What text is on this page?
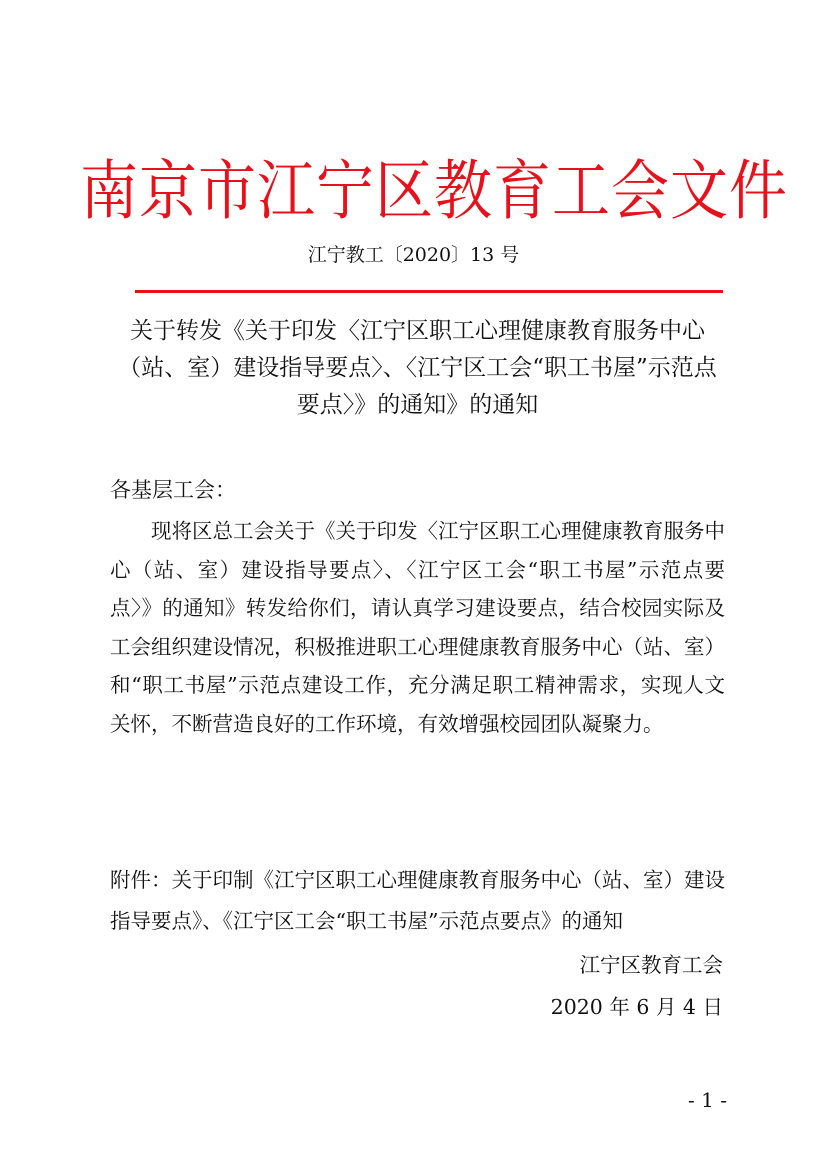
南京市江宁区教育工会文件
江宁教工〔2020〕13 号
关于转发《关于印发〈江宁区职工心理健康教育服务中心（站、室）建设指导要点〉、〈江宁区工会“职工书屋”示范点要点〉》的通知》的通知
各基层工会：
现将区总工会关于《关于印发〈江宁区职工心理健康教育服务中心（站、室）建设指导要点〉、〈江宁区工会“职工书屋”示范点要点〉》的通知》转发给你们，请认真学习建设要点，结合校园实际及工会组织建设情况，积极推进职工心理健康教育服务中心（站、室）和“职工书屋”示范点建设工作，充分满足职工精神需求，实现人文关怀，不断营造良好的工作环境，有效增强校园团队凝聚力。
附件：关于印制《江宁区职工心理健康教育服务中心（站、室）建设指导要点》、《江宁区工会“职工书屋”示范点要点》的通知
江宁区教育工会
2020 年 6 月 4 日
- 1 -
